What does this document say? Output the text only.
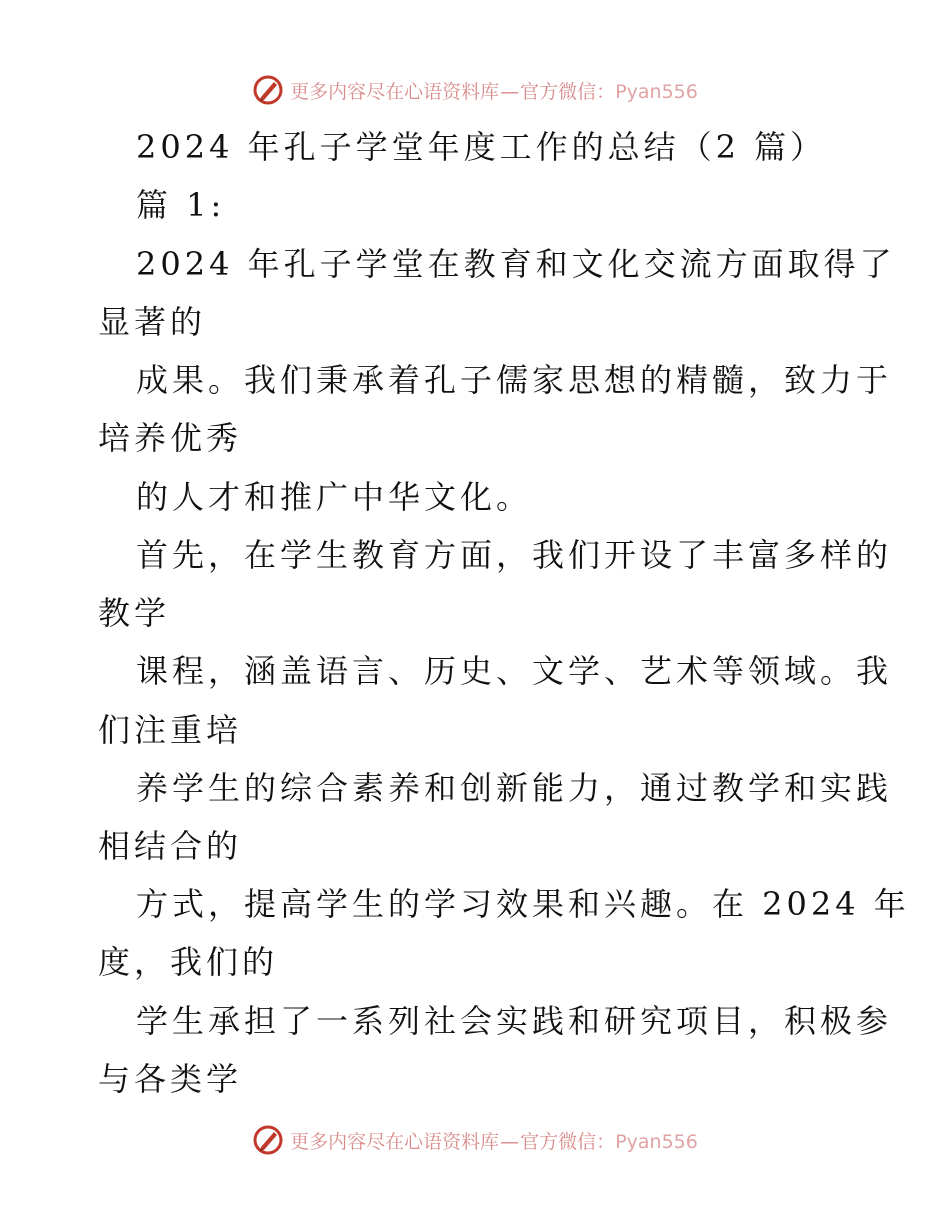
更多内容尽在心语资料库—官方微信：Pyan556
2024 年孔子学堂年度工作的总结（2 篇）
篇 1:
2024 年孔子学堂在教育和文化交流方面取得了
显著的
成果。我们秉承着孔子儒家思想的精髓，致力于
培养优秀
的人才和推广中华文化。
首先，在学生教育方面，我们开设了丰富多样的
教学
课程，涵盖语言、历史、文学、艺术等领域。我
们注重培
养学生的综合素养和创新能力，通过教学和实践
相结合的
方式，提高学生的学习效果和兴趣。在 2024 年
度，我们的
学生承担了一系列社会实践和研究项目，积极参
与各类学
更多内容尽在心语资料库—官方微信：Pyan556
